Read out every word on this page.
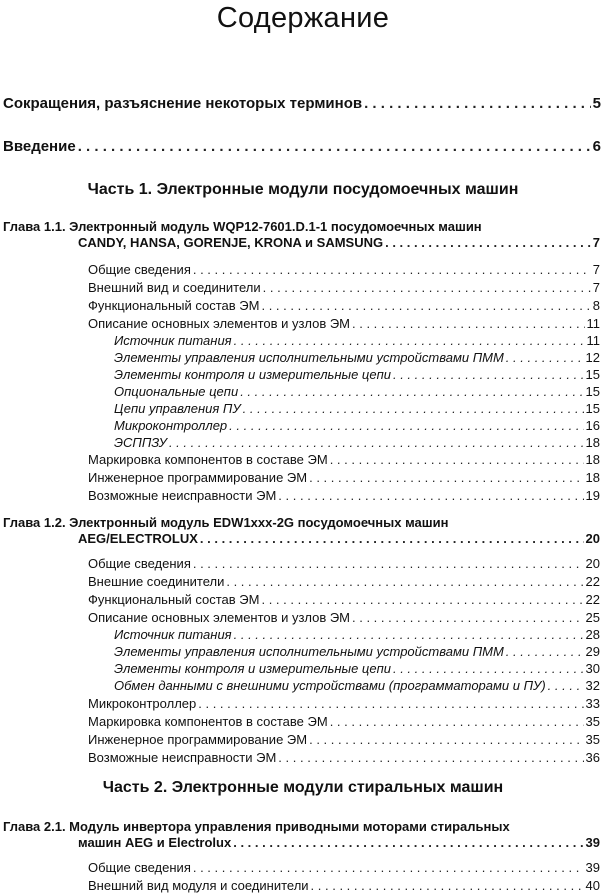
Содержание
Сокращения, разъяснение некоторых терминов . . .	5
Введение . . .	6
Часть 1. Электронные модули посудомоечных машин
Глава 1.1. Электронный модуль WQP12-7601.D.1-1 посудомоечных машин
CANDY, HANSA, GORENJE, KRONA и SAMSUNG . . .	7
Общие сведения . . .	7
Внешний вид и соединители . . .	7
Функциональный состав ЭМ . . .	8
Описание основных элементов и узлов ЭМ . . .	11
Источник питания . . .	11
Элементы управления исполнительными устройствами ПММ . . .	12
Элементы контроля и измерительные цепи . . .	15
Опциональные цепи . . .	15
Цепи управления ПУ . . .	15
Микроконтроллер . . .	16
ЭСППЗУ . . .	18
Маркировка компонентов в составе ЭМ . . .	18
Инженерное программирование ЭМ . . .	18
Возможные неисправности ЭМ . . .	19
Глава 1.2. Электронный модуль EDW1xxx-2G посудомоечных машин
AEG/ELECTROLUX . . .	20
Общие сведения . . .	20
Внешние соединители . . .	22
Функциональный состав ЭМ . . .	22
Описание основных элементов и узлов ЭМ . . .	25
Источник питания . . .	28
Элементы управления исполнительными устройствами ПММ . . .	29
Элементы контроля и измерительные цепи . . .	30
Обмен данными с внешними устройствами (программаторами и ПУ) . . .	32
Микроконтроллер . . .	33
Маркировка компонентов в составе ЭМ . . .	35
Инженерное программирование ЭМ . . .	35
Возможные неисправности ЭМ . . .	36
Часть 2. Электронные модули стиральных машин
Глава 2.1. Модуль инвертора управления приводными моторами стиральных
машин AEG и Electrolux . . .	39
Общие сведения . . .	39
Внешний вид модуля и соединители . . .	40
